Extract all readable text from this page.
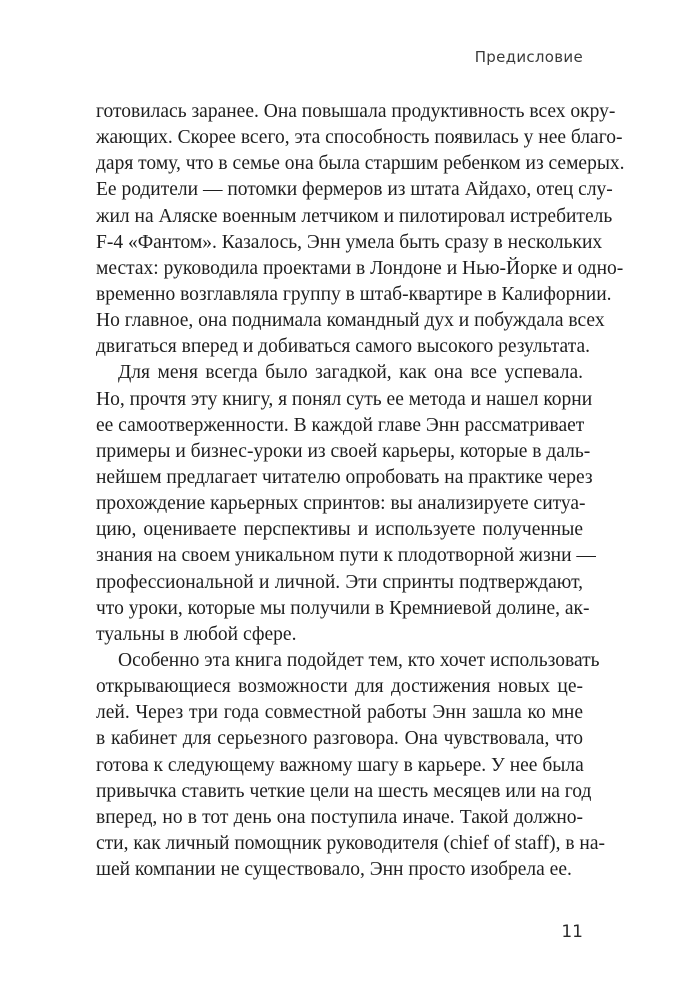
Предисловие
готовилась заранее. Она повышала продуктивность всех окру-
жающих. Скорее всего, эта способность появилась у нее благо-
даря тому, что в семье она была старшим ребенком из семерых.
Ее родители — потомки фермеров из штата Айдахо, отец слу-
жил на Аляске военным летчиком и пилотировал истребитель
F-4 «Фантом». Казалось, Энн умела быть сразу в нескольких
местах: руководила проектами в Лондоне и Нью-Йорке и одно-
временно возглавляла группу в штаб-квартире в Калифорнии.
Но главное, она поднимала командный дух и побуждала всех
двигаться вперед и добиваться самого высокого результата.
Для меня всегда было загадкой, как она все успевала.
Но, прочтя эту книгу, я понял суть ее метода и нашел корни
ее самоотверженности. В каждой главе Энн рассматривает
примеры и бизнес-уроки из своей карьеры, которые в даль-
нейшем предлагает читателю опробовать на практике через
прохождение карьерных спринтов: вы анализируете ситуа-
цию, оцениваете перспективы и используете полученные
знания на своем уникальном пути к плодотворной жизни —
профессиональной и личной. Эти спринты подтверждают,
что уроки, которые мы получили в Кремниевой долине, ак-
туальны в любой сфере.
Особенно эта книга подойдет тем, кто хочет использовать
открывающиеся возможности для достижения новых це-
лей. Через три года совместной работы Энн зашла ко мне
в кабинет для серьезного разговора. Она чувствовала, что
готова к следующему важному шагу в карьере. У нее была
привычка ставить четкие цели на шесть месяцев или на год
вперед, но в тот день она поступила иначе. Такой должно-
сти, как личный помощник руководителя (chief of staff), в на-
шей компании не существовало, Энн просто изобрела ее.
11
